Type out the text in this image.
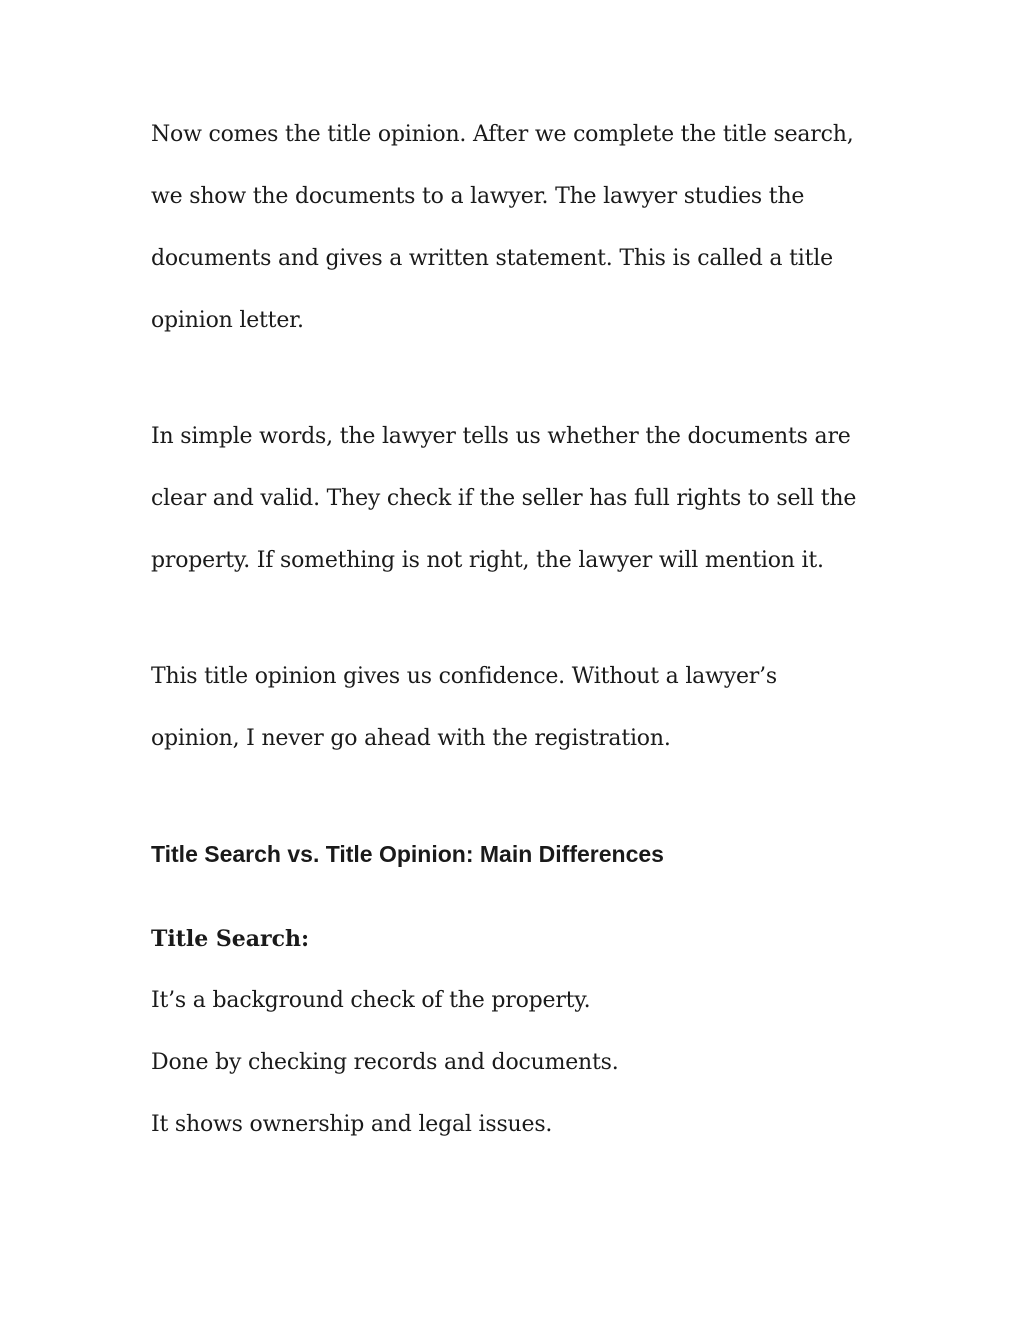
Now comes the title opinion. After we complete the title search,

we show the documents to a lawyer. The lawyer studies the

documents and gives a written statement. This is called a title

opinion letter.

In simple words, the lawyer tells us whether the documents are

clear and valid. They check if the seller has full rights to sell the

property. If something is not right, the lawyer will mention it.

This title opinion gives us confidence. Without a lawyer’s

opinion, I never go ahead with the registration.

Title Search vs. Title Opinion: Main Differences
Title Search:

It’s a background check of the property.

Done by checking records and documents.

It shows ownership and legal issues.
